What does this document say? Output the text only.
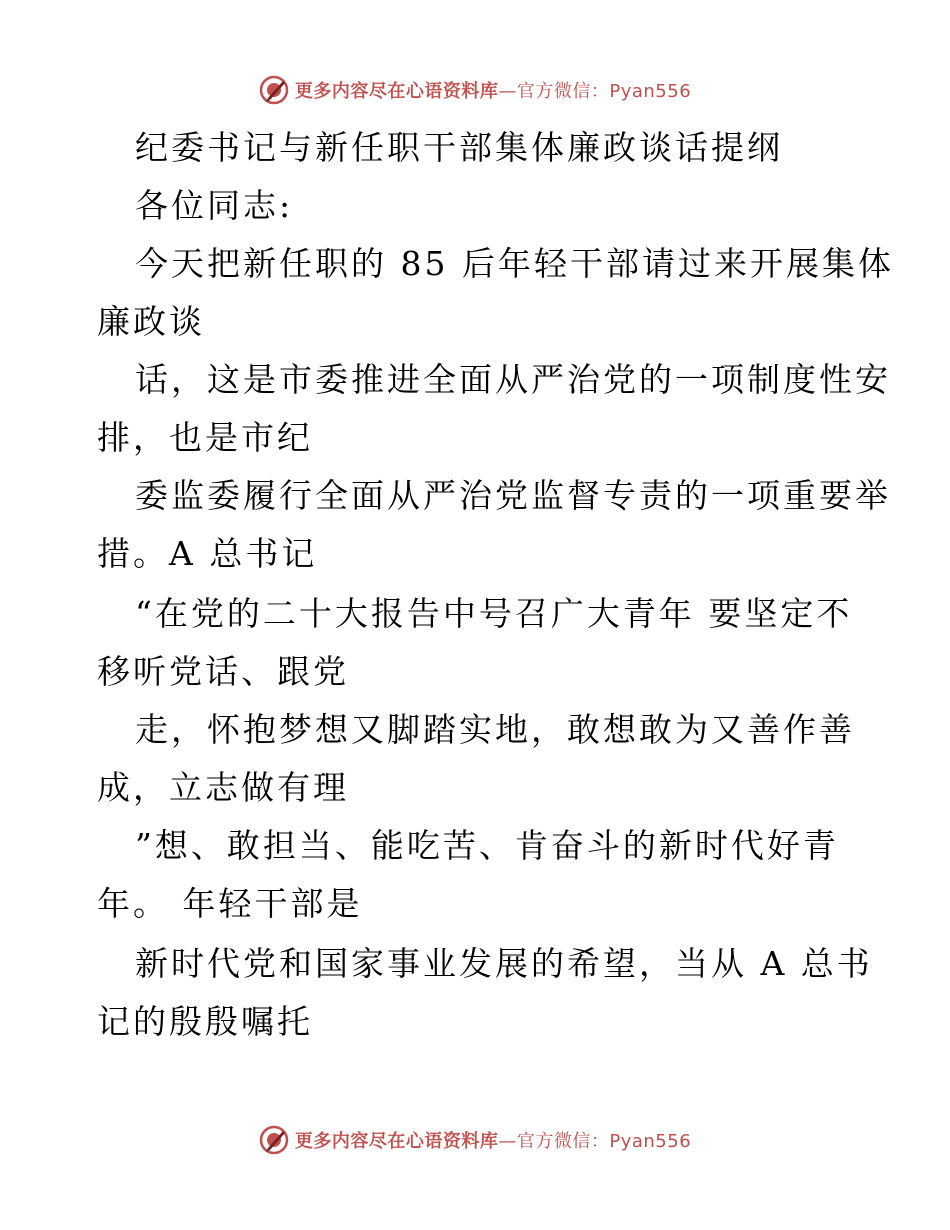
更多内容尽在心语资料库—官方微信：Pyan556
纪委书记与新任职干部集体廉政谈话提纲
各位同志:
今天把新任职的 85 后年轻干部请过来开展集体
廉政谈
话，这是市委推进全面从严治党的一项制度性安
排，也是市纪
委监委履行全面从严治党监督专责的一项重要举
措。A 总书记
“在党的二十大报告中号召广大青年 要坚定不
移听党话、跟党
走，怀抱梦想又脚踏实地，敢想敢为又善作善
成，立志做有理
”想、敢担当、能吃苦、肯奋斗的新时代好青
年。 年轻干部是
新时代党和国家事业发展的希望，当从 A 总书
记的殷殷嘱托
更多内容尽在心语资料库—官方微信：Pyan556
